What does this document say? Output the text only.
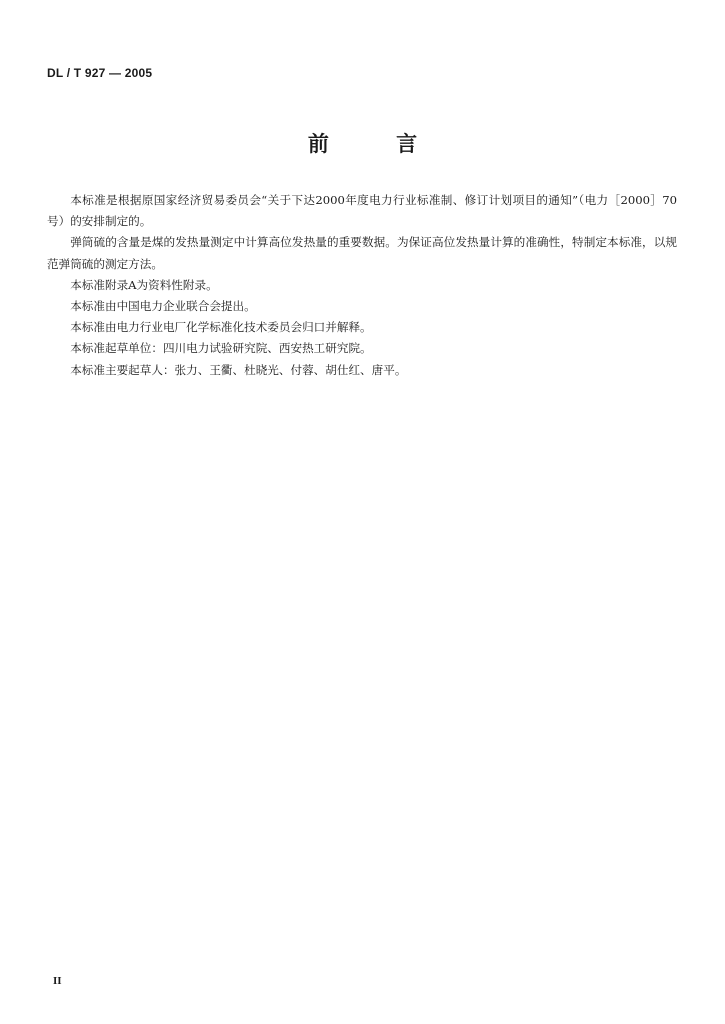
DL / T 927 — 2005
前 言

本标准是根据原国家经济贸易委员会“关于下达2000年度电力行业标准制、修订计划项目的通知”（电力［2000］70号）的安排制定的。

弹筒硫的含量是煤的发热量测定中计算高位发热量的重要数据。为保证高位发热量计算的准确性，特制定本标准，以规范弹筒硫的测定方法。

本标准附录A为资料性附录。

本标准由中国电力企业联合会提出。

本标准由电力行业电厂化学标准化技术委员会归口并解释。

本标准起草单位：四川电力试验研究院、西安热工研究院。

本标准主要起草人：张力、王衢、杜晓光、付蓉、胡仕红、唐平。

II
